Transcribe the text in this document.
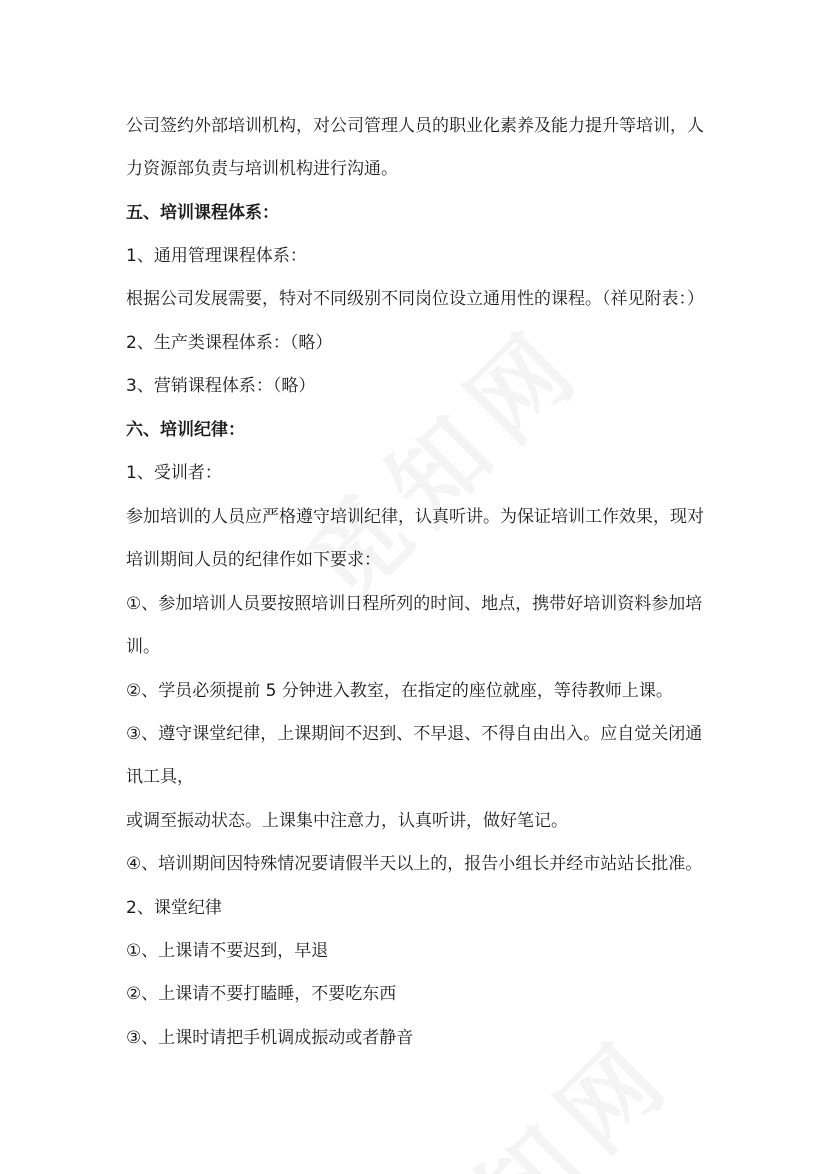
公司签约外部培训机构，对公司管理人员的职业化素养及能力提升等培训，人
力资源部负责与培训机构进行沟通。
五、培训课程体系：
1、通用管理课程体系：
根据公司发展需要，特对不同级别不同岗位设立通用性的课程。（祥见附表：）
2、生产类课程体系：（略）
3、营销课程体系：（略）
六、培训纪律：
1、受训者：
参加培训的人员应严格遵守培训纪律，认真听讲。为保证培训工作效果，现对
培训期间人员的纪律作如下要求：
①、参加培训人员要按照培训日程所列的时间、地点，携带好培训资料参加培
训。
②、学员必须提前 5 分钟进入教室，在指定的座位就座，等待教师上课。
③、遵守课堂纪律，上课期间不迟到、不早退、不得自由出入。应自觉关闭通
讯工具，
或调至振动状态。上课集中注意力，认真听讲，做好笔记。
④、培训期间因特殊情况要请假半天以上的，报告小组长并经市站站长批准。
2、课堂纪律
①、上课请不要迟到，早退
②、上课请不要打瞌睡，不要吃东西
③、上课时请把手机调成振动或者静音
